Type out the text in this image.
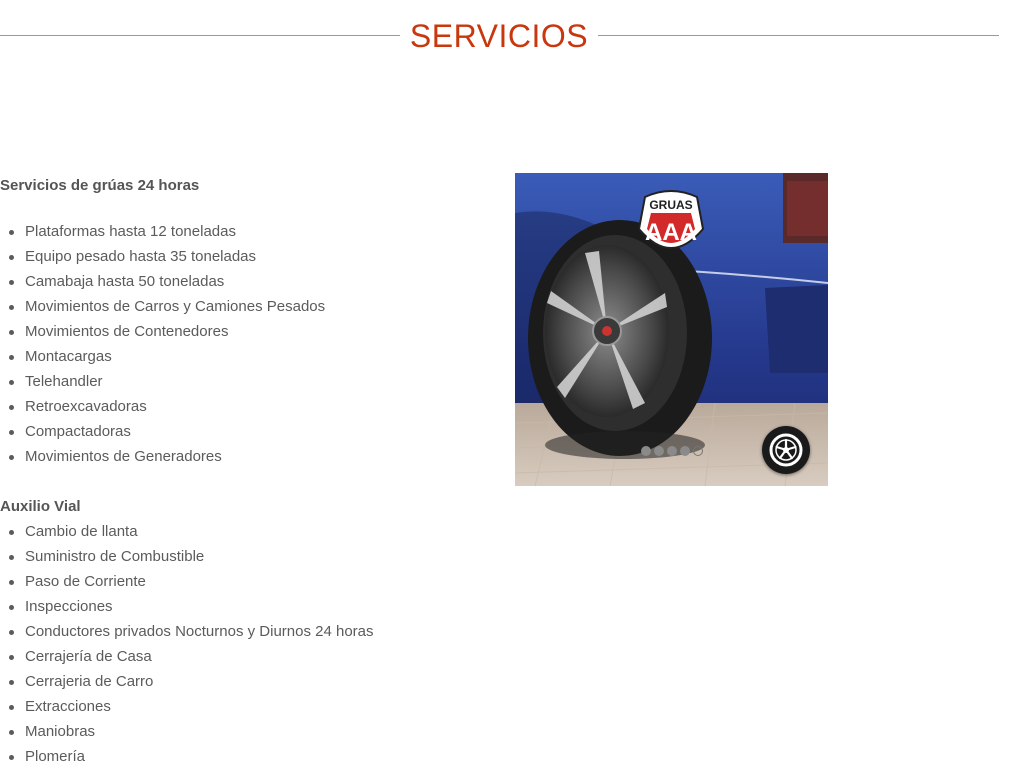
SERVICIOS

Servicios de grúas 24 horas

Plataformas hasta 12 toneladas
Equipo pesado hasta 35 toneladas
Camabaja hasta 50 toneladas
Movimientos de Carros y Camiones Pesados
Movimientos de Contenedores
Montacargas
Telehandler
Retroexcavadoras
Compactadoras
Movimientos de Generadores

Auxilio Vial

Cambio de llanta
Suministro de Combustible
Paso de Corriente
Inspecciones
Conductores privados Nocturnos y Diurnos 24 horas
Cerrajería de Casa
Cerrajeria de Carro
Extracciones
Maniobras
Plomería
GRUAS
AAA
